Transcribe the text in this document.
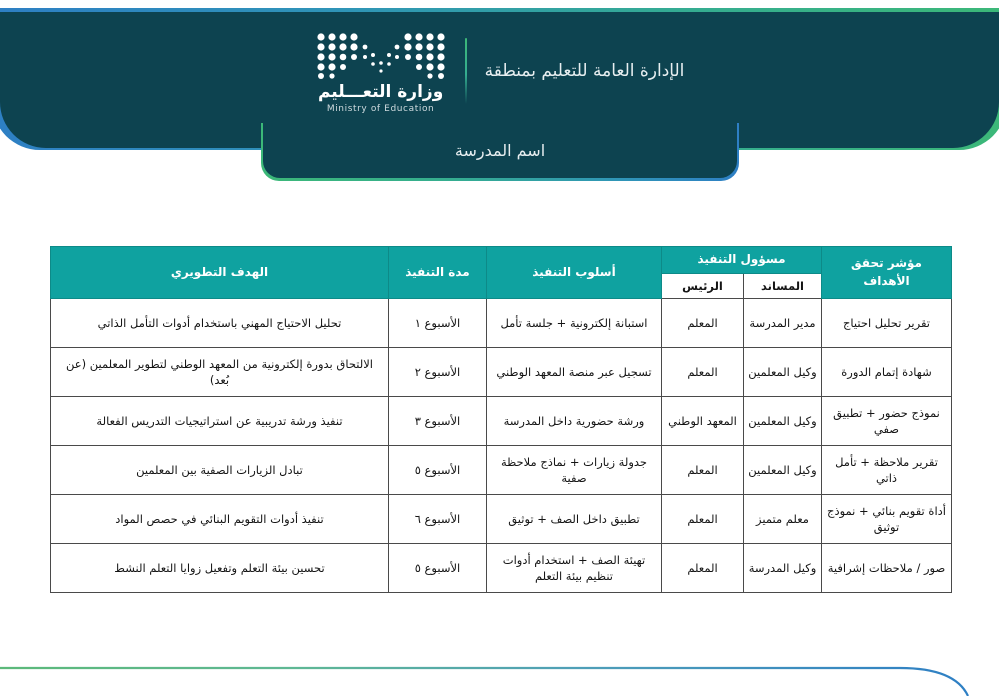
الإدارة العامة للتعليم بمنطقة
وزارة التعـــليم
Ministry of Education
اسم المدرسة
مؤشر تحقق الأهداف	مسؤول التنفيذ		أسلوب التنفيذ	مدة التنفيذ	الهدف التطويري
	المساند	الرئيس			
تقرير تحليل احتياج	مدير المدرسة	المعلم	استبانة إلكترونية + جلسة تأمل	الأسبوع ١	تحليل الاحتياج المهني باستخدام أدوات التأمل الذاتي
شهادة إتمام الدورة	وكيل المعلمين	المعلم	تسجيل عبر منصة المعهد الوطني	الأسبوع ٢	الالتحاق بدورة إلكترونية من المعهد الوطني لتطوير المعلمين (عن بُعد)
نموذج حضور + تطبيق صفي	وكيل المعلمين	المعهد الوطني	ورشة حضورية داخل المدرسة	الأسبوع ٣	تنفيذ ورشة تدريبية عن استراتيجيات التدريس الفعالة
تقرير ملاحظة + تأمل ذاتي	وكيل المعلمين	المعلم	جدولة زيارات + نماذج ملاحظة صفية	الأسبوع ٥	تبادل الزيارات الصفية بين المعلمين
أداة تقويم بنائي + نموذج توثيق	معلم متميز	المعلم	تطبيق داخل الصف + توثيق	الأسبوع ٦	تنفيذ أدوات التقويم البنائي في حصص المواد
صور / ملاحظات إشرافية	وكيل المدرسة	المعلم	تهيئة الصف + استخدام أدوات تنظيم بيئة التعلم	الأسبوع ٥	تحسين بيئة التعلم وتفعيل زوايا التعلم النشط
